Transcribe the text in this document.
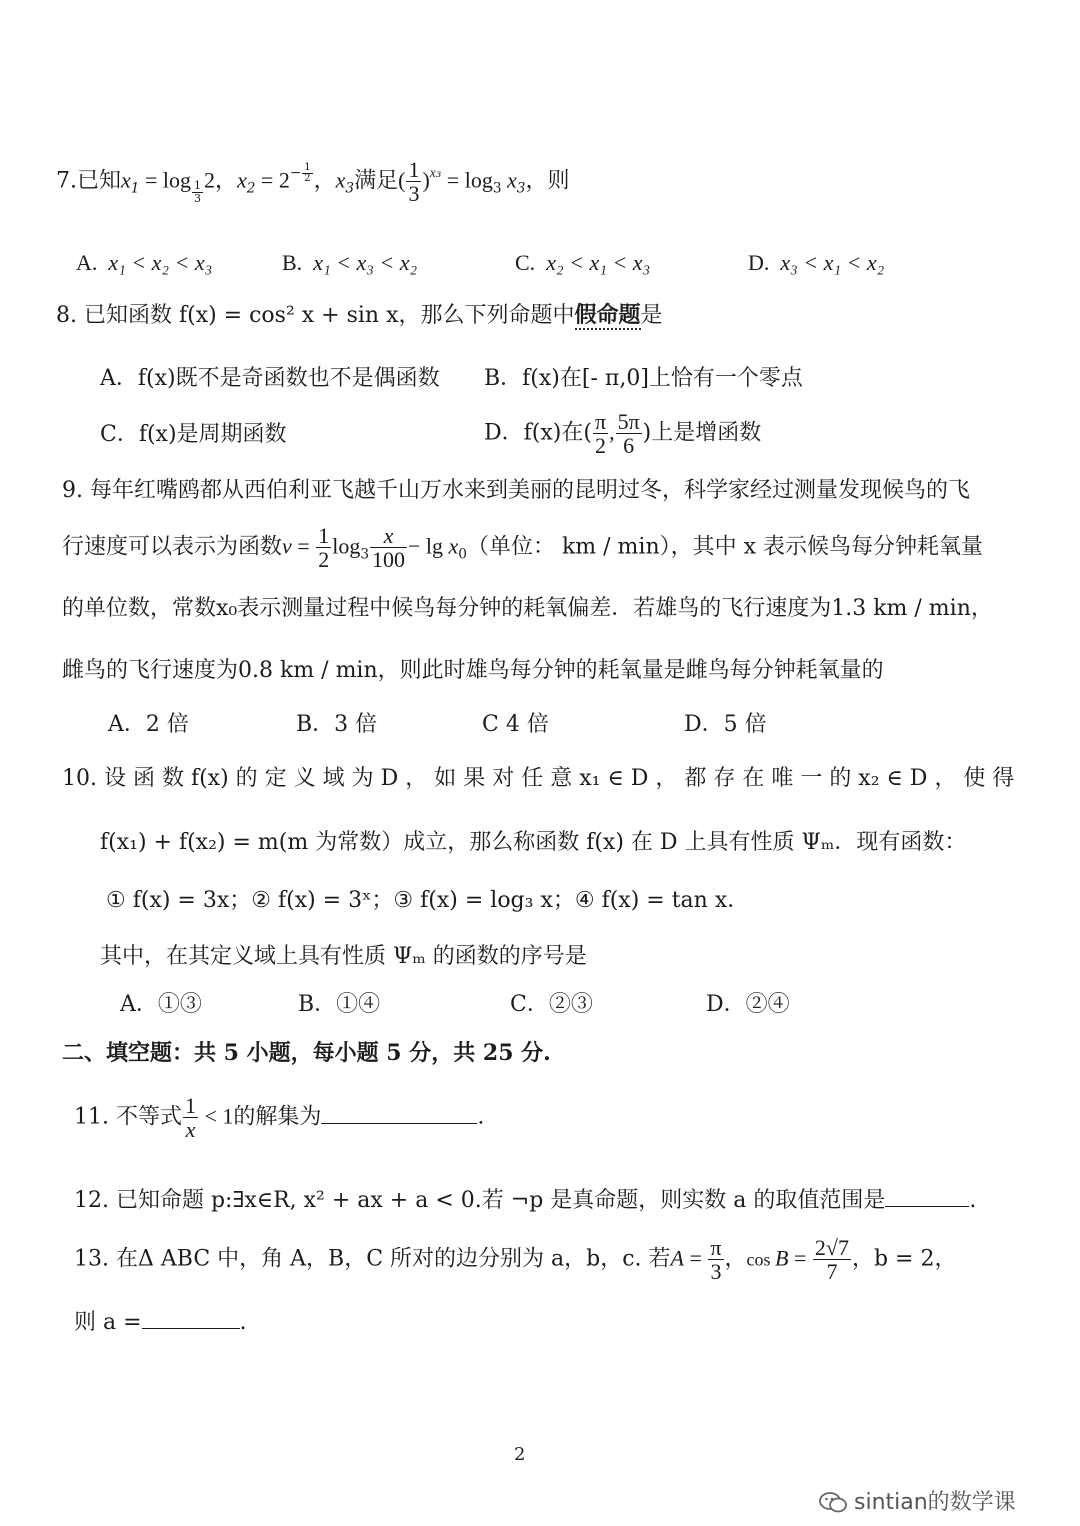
7.已知$x_1 = \log \frac{1}{3} 2$，$x_2 = 2^{- \frac{1}{2}}$ ，$x_3$满足( $\frac{1}{3} )^{x_3} = \log_3 x_3$，则
A. x₁ < x₂ < x₃	B. x₁ < x₃ < x₂	C. x₂ < x₁ < x₃	D. x₃ < x₁ < x₂
8. 已知函数 f(x) = cos² x + sin x，那么下列命题中假命题是
A．f(x)既不是奇函数也不是偶函数 B．f(x)在[- π,0]上恰有一个零点
C．f(x)是周期函数	D．f(x)在( $\frac{\pi}{2}$ , $\frac{5\pi}{6}$ )上是增函数
9. 每年红嘴鸥都从西伯利亚飞越千山万水来到美丽的昆明过冬，科学家经过测量发现候鸟的飞
行速度可以表示为函数$v = \frac{1}{2} \log_3 \frac{x}{100} - \lg x_0$（单位： km / min），其中 x 表示候鸟每分钟耗氧量
的单位数，常数x₀表示测量过程中候鸟每分钟的耗氧偏差．若雄鸟的飞行速度为1.3 km / min，
雌鸟的飞行速度为0.8 km / min，则此时雄鸟每分钟的耗氧量是雌鸟每分钟耗氧量的
A．2 倍	B．3 倍	C 4 倍	D．5 倍
10. 设 函 数 f(x) 的 定 义 域 为 D ， 如 果 对 任 意 x₁ ∈ D ， 都 存 在 唯 一 的 x₂ ∈ D ， 使 得
f(x₁) + f(x₂) = m(m 为常数）成立，那么称函数 f(x) 在 D 上具有性质 Ψₘ．现有函数：
① f(x) = 3x；② f(x) = 3ˣ；③ f(x) = log₃ x；④ f(x) = tan x．
其中，在其定义域上具有性质 Ψₘ 的函数的序号是
A．①③	B．①④	C．②③	D．②④
二、填空题：共 5 小题，每小题 5 分，共 25 分.
11. 不等式 $\frac{1}{x} < 1$的解集为	.
12. 已知命题 p:∃x∈R, x² + ax + a < 0.若 ¬p 是真命题，则实数 a 的取值范围是	.
13. 在Δ ABC 中，角 A，B，C 所对的边分别为 a，b，c. 若$A = \frac{\pi}{3}$ ，$\cos B = \frac{2√7}{7}$ ，b = 2，
则 a =	.
2
sintian的数学课
